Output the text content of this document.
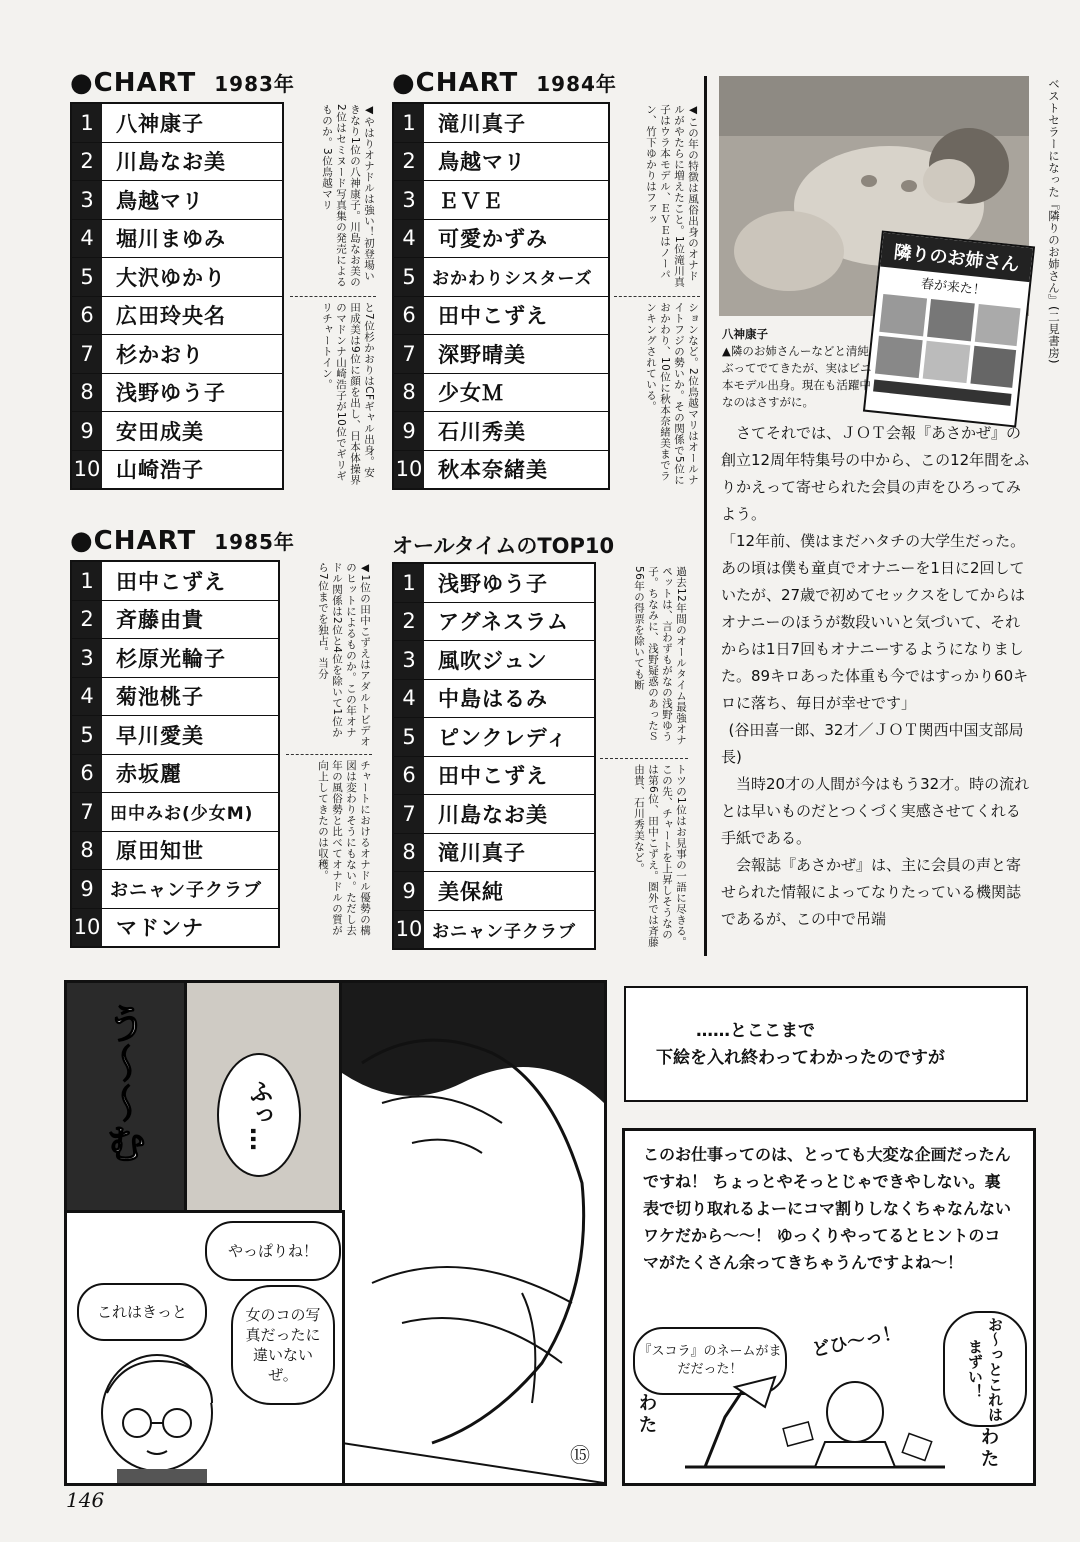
●CHART 1983年
1	八神康子
2	川島なお美
3	鳥越マリ
4	堀川まゆみ
5	大沢ゆかり
6	広田玲央名
7	杉かおり
8	浅野ゆう子
9	安田成美
10 山崎浩子
◀やはりオナドルは強い！初登場いきなり1位の八神康子。川島なお美の2位はセミヌード写真集の発売によるものか。3位鳥越マリ
と7位杉かおりはCFギャル出身。安田成美は9位に顔を出し、日本体操界のマドンナ山崎浩子が10位でギリギリチャートイン。
●CHART 1984年
1	滝川真子
2	鳥越マリ
3	ＥＶＥ
4	可愛かずみ
5 おかわりシスターズ
6	田中こずえ
7	深野晴美
8	少女Ｍ
9	石川秀美
10 秋本奈緒美
◀この年の特徴は風俗出身のオナドルがやたらに増えたこと。1位滝川真子はウラ本モデル、ＥＶＥはノーパン、竹下ゆかりはファッ
ションなど。2位鳥越マリはオールナイトフジの勢いか。その関係で5位におかわり、10位に秋本奈緒美までランキングされている。
●CHART 1985年
1	田中こずえ
2	斉藤由貴
3	杉原光輪子
4	菊池桃子
5	早川愛美
6	赤坂麗
7 田中みお(少女M)
8	原田知世
9 おニャン子クラブ
10 マドンナ
◀1位の田中こずえはアダルトビデオのヒットによるものか。この年オナドル関係は2位と4位を除いて1位から7位までを独占。当分
チャートにおけるオナドル優勢の構図は変わりそうにもない。ただし去年の風俗勢と比べてオナドルの質が向上してきたのは収穫。
オールタイムのTOP10
1	浅野ゆう子
2	アグネスラム
3	風吹ジュン
4	中島はるみ
5	ピンクレディ
6	田中こずえ
7	川島なお美
8	滝川真子
9	美保純
10 おニャン子クラブ
過去12年間のオールタイム最強オナペットは、言わずもがなの浅野ゆう子。ちなみに、浅野疑惑のあったＳ56年の得票を除いても断
トツの1位はお見事の一語に尽きる。この先、チャートを上昇しそうなのは第6位、田中こずえ。圏外では斉藤由貴、石川秀美など。
隣りのお姉さん
春が来た！
八神康子
▲隣のお姉さんーなどと清純ぶってでてきたが、実はビニ本モデル出身。現在も活躍中なのはさすがに。
ベストセラーになった『隣りのお姉さん』(二見書房)

さてそれでは、ＪＯＴ会報『あさかぜ』の創立12周年特集号の中から、この12年間をふりかえって寄せられた会員の声をひろってみよう。

「12年前、僕はまだハタチの大学生だった。あの頃は僕も童貞でオナニーを1日に2回していたが、27歳で初めてセックスをしてからはオナニーのほうが数段いいと気づいて、それからは1日7回もオナニーするようになりました。89キロあった体重も今ではすっかり60キロに落ち、毎日が幸せです」

(谷田喜一郎、32才／ＪＯＴ関西中国支部局長)

当時20才の人間が今はもう32才。時の流れとは早いものだとつくづく実感させてくれる手紙である。

会報誌『あさかぜ』は、主に会員の声と寄せられた情報によってなりたっている機関誌であるが、この中で吊端

う〜〜む	ふっ…
⑮
やっぱりね！
これはきっと	女のコの写真だったに違いないぜ。
……とここまで
下絵を入れ終わってわかったのですが
このお仕事ってのは、とっても大変な企画だったんですね！ ちょっとやそっとじゃできやしない。裏表で切り取れるよーにコマ割りしなくちゃなんないワケだから〜〜！ ゆっくりやってるとヒントのコマがたくさん余ってきちゃうんですよね〜！
『スコラ』のネームがまだだった！	お〜っとこれはまずい！
どひ〜っ！
わた
わた
146
